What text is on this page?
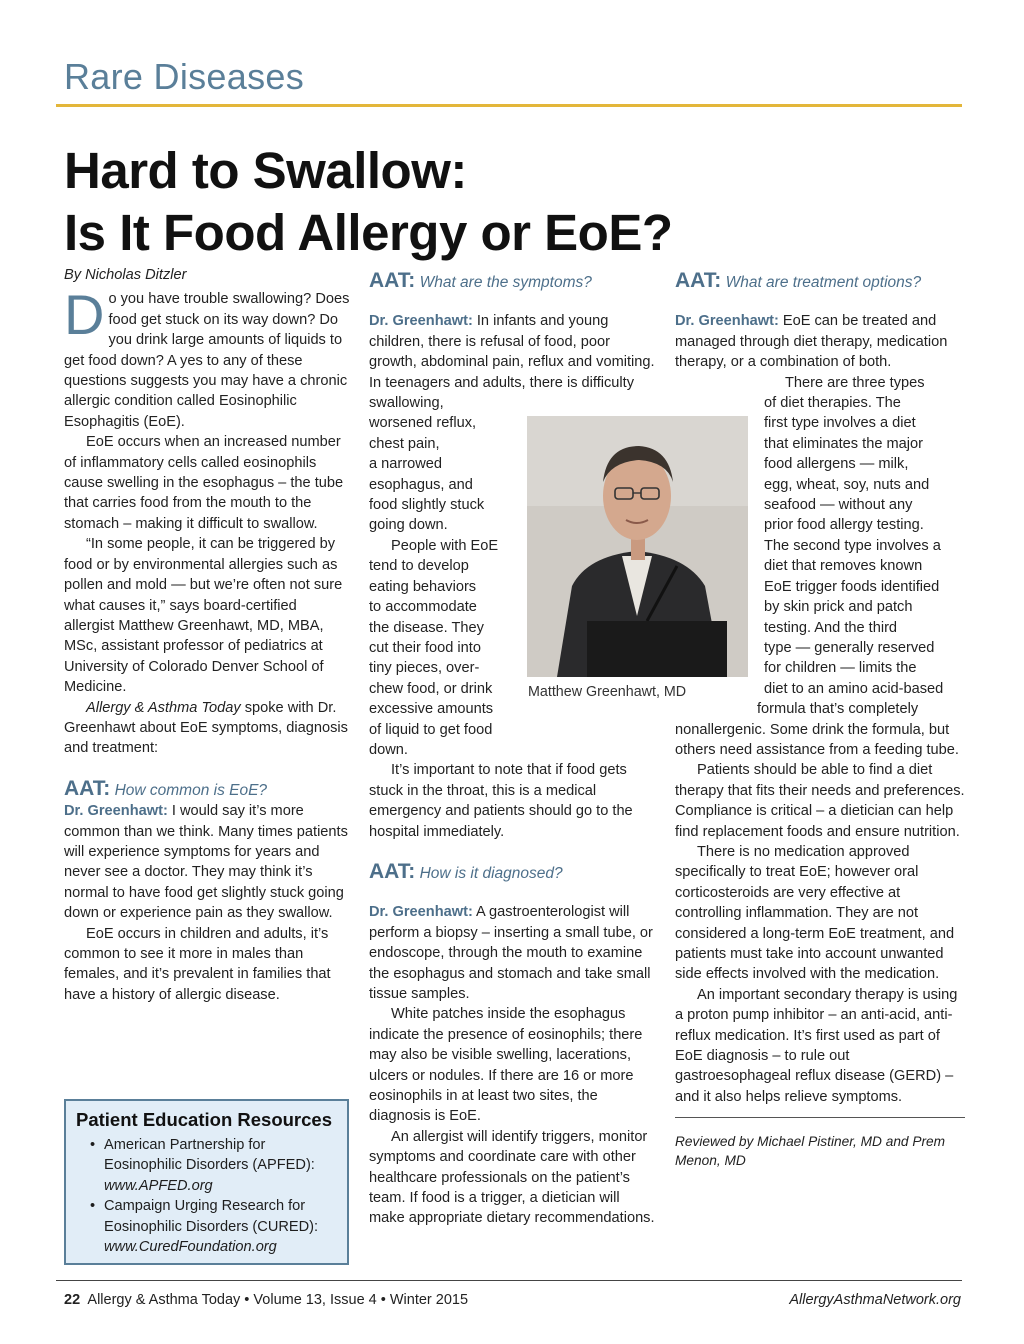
Rare Diseases
Hard to Swallow:
Is It Food Allergy or EoE?

By Nicholas Ditzler

Do you have trouble swallowing? Does food get stuck on its way down? Do you drink large amounts of liquids to get food down? A yes to any of these questions suggests you may have a chronic allergic condition called Eosinophilic Esophagitis (EoE).

EoE occurs when an increased number of inflammatory cells called eosinophils cause swelling in the esophagus – the tube that carries food from the mouth to the stomach – making it difficult to swallow.

“In some people, it can be triggered by food or by environmental allergies such as pollen and mold — but we’re often not sure what causes it,” says board-certified allergist Matthew Greenhawt, MD, MBA, MSc, assistant professor of pediatrics at University of Colorado Denver School of Medicine.

Allergy & Asthma Today spoke with Dr. Greenhawt about EoE symptoms, diagnosis and treatment:

AAT: How common is EoE?

Dr. Greenhawt: I would say it’s more common than we think. Many times patients will experience symptoms for years and never see a doctor. They may think it’s normal to have food get slightly stuck going down or experience pain as they swallow.

EoE occurs in children and adults, it’s common to see it more in males than females, and it’s prevalent in families that have a history of allergic disease.

AAT: What are the symptoms?

Dr. Greenhawt: In infants and young children, there is refusal of food, poor growth, abdominal pain, reflux and vomiting. In teenagers and adults, there is difficulty swallowing,

worsened reflux,
chest pain,
a narrowed
esophagus, and
food slightly stuck
going down.
People with EoE
tend to develop
eating behaviors
to accommodate
the disease. They
cut their food into
tiny pieces, over-
chew food, or drink
excessive amounts
of liquid to get food
down.

It’s important to note that if food gets stuck in the throat, this is a medical emergency and patients should go to the hospital immediately.

AAT: How is it diagnosed?

Dr. Greenhawt: A gastroenterologist will perform a biopsy – inserting a small tube, or endoscope, through the mouth to examine the esophagus and stomach and take small tissue samples.

White patches inside the esophagus indicate the presence of eosinophils; there may also be visible swelling, lacerations, ulcers or nodules. If there are 16 or more eosinophils in at least two sites, the diagnosis is EoE.

An allergist will identify triggers, monitor symptoms and coordinate care with other healthcare professionals on the patient’s team. If food is a trigger, a dietician will make appropriate dietary recommendations.

Matthew Greenhawt, MD

AAT: What are treatment options?

Dr. Greenhawt: EoE can be treated and managed through diet therapy, medication therapy, or a combination of both.

There are three types
of diet therapies. The
first type involves a diet
that eliminates the major
food allergens — milk,
egg, wheat, soy, nuts and
seafood — without any
prior food allergy testing.
The second type involves a
diet that removes known
EoE trigger foods identified
by skin prick and patch
testing. And the third
type — generally reserved
for children — limits the
diet to an amino acid-based
formula that’s completely

nonallergenic. Some drink the formula, but others need assistance from a feeding tube.

Patients should be able to find a diet therapy that fits their needs and preferences. Compliance is critical – a dietician can help find replacement foods and ensure nutrition.

There is no medication approved specifically to treat EoE; however oral corticosteroids are very effective at controlling inflammation. They are not considered a long-term EoE treatment, and patients must take into account unwanted side effects involved with the medication.

An important secondary therapy is using a proton pump inhibitor – an anti-acid, anti-reflux medication. It’s first used as part of EoE diagnosis – to rule out gastroesophageal reflux disease (GERD) – and it also helps relieve symptoms.

Reviewed by Michael Pistiner, MD and Prem Menon, MD

Patient Education Resources

• American Partnership for Eosinophilic Disorders (APFED):
www.APFED.org
• Campaign Urging Research for Eosinophilic Disorders (CURED):
www.CuredFoundation.org
22 Allergy & Asthma Today • Volume 13, Issue 4 • Winter 2015	AllergyAsthmaNetwork.org
